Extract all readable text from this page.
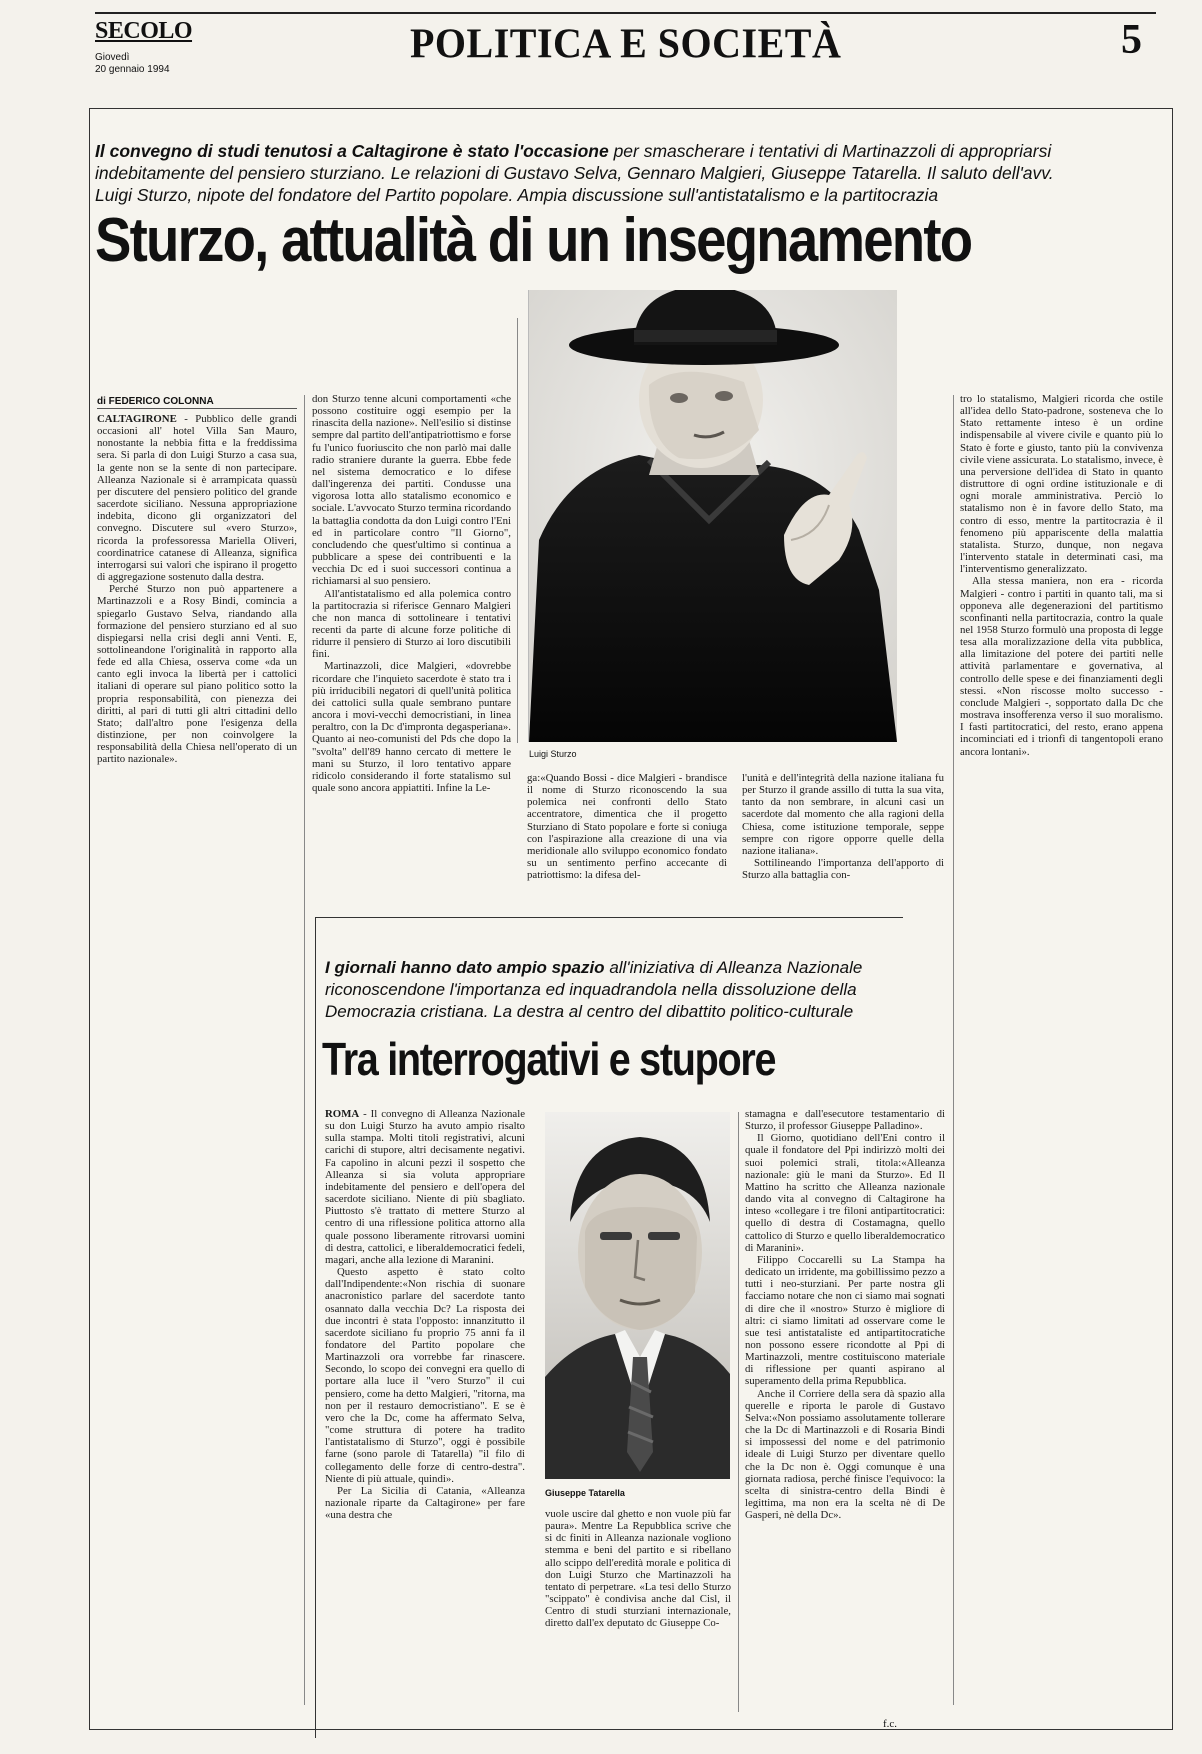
SECOLO
Giovedì
20 gennaio 1994
POLITICA E SOCIETÀ	5
Il convegno di studi tenutosi a Caltagirone è stato l'occasione per smascherare i tentativi di Martinazzoli di appropriarsi indebitamente del pensiero sturziano. Le relazioni di Gustavo Selva, Gennaro Malgieri, Giuseppe Tatarella. Il saluto dell'avv. Luigi Sturzo, nipote del fondatore del Partito popolare. Ampia discussione sull'antistatalismo e la partitocrazia
Sturzo, attualità di un insegnamento
di FEDERICO COLONNA
CALTAGIRONE - Pubblico delle grandi occasioni all' hotel Villa San Mauro, nonostante la nebbia fitta e la freddissima sera. Si parla di don Luigi Sturzo a casa sua, la gente non se la sente di non partecipare. Alleanza Nazionale si è arrampicata quassù per discutere del pensiero politico del grande sacerdote siciliano. Nessuna appropriazione indebita, dicono gli organizzatori del convegno. Discutere sul «vero Sturzo», ricorda la professoressa Mariella Oliveri, coordinatrice catanese di Alleanza, significa interrogarsi sui valori che ispirano il progetto di aggregazione sostenuto dalla destra.
Perché Sturzo non può appartenere a Martinazzoli e a Rosy Bindi, comincia a spiegarlo Gustavo Selva, riandando alla formazione del pensiero sturziano ed al suo dispiegarsi nella crisi degli anni Venti. E, sottolineandone l'originalità in rapporto alla fede ed alla Chiesa, osserva come «da un canto egli invoca la libertà per i cattolici italiani di operare sul piano politico sotto la propria responsabilità, con pienezza dei diritti, al pari di tutti gli altri cittadini dello Stato; dall'altro pone l'esigenza della distinzione, per non coinvolgere la responsabilità della Chiesa nell'operato di un partito nazionale».
don Sturzo tenne alcuni comportamenti «che possono costituire oggi esempio per la rinascita della nazione». Nell'esilio si distinse sempre dal partito dell'antipatriottismo e forse fu l'unico fuoriuscito che non parlò mai dalle radio straniere durante la guerra. Ebbe fede nel sistema democratico e lo difese dall'ingerenza dei partiti. Condusse una vigorosa lotta allo statalismo economico e sociale. L'avvocato Sturzo termina ricordando la battaglia condotta da don Luigi contro l'Eni ed in particolare contro "Il Giorno", concludendo che quest'ultimo si continua a pubblicare a spese dei contribuenti e la vecchia Dc ed i suoi successori continua a richiamarsi al suo pensiero.
All'antistatalismo ed alla polemica contro la partitocrazia si riferisce Gennaro Malgieri che non manca di sottolineare i tentativi recenti da parte di alcune forze politiche di ridurre il pensiero di Sturzo ai loro discutibili fini.
Martinazzoli, dice Malgieri, «dovrebbe ricordare che l'inquieto sacerdote è stato tra i più irriducibili negatori di quell'unità politica dei cattolici sulla quale sembrano puntare ancora i movi-vecchi democristiani, in linea peraltro, con la Dc d'impronta degasperiana». Quanto ai neo-comunisti del Pds che dopo la "svolta" dell'89 hanno cercato di mettere le mani su Sturzo, il loro tentativo appare ridicolo considerando il forte statalismo sul quale sono ancora appiattiti. Infine la Le-
Luigi Sturzo
ga:«Quando Bossi - dice Malgieri - brandisce il nome di Sturzo riconoscendo la sua polemica nei confronti dello Stato accentratore, dimentica che il progetto Sturziano di Stato popolare e forte si coniuga con l'aspirazione alla creazione di una via meridionale allo sviluppo economico fondato su un sentimento perfino accecante di patriottismo: la difesa del-
l'unità e dell'integrità della nazione italiana fu per Sturzo il grande assillo di tutta la sua vita, tanto da non sembrare, in alcuni casi un sacerdote dal momento che alla ragioni della Chiesa, come istituzione temporale, seppe sempre con rigore opporre quelle della nazione italiana».
Sottilineando l'importanza dell'apporto di Sturzo alla battaglia con-
tro lo statalismo, Malgieri ricorda che ostile all'idea dello Stato-padrone, sosteneva che lo Stato rettamente inteso è un ordine indispensabile al vivere civile e quanto più lo Stato è forte e giusto, tanto più la convivenza civile viene assicurata. Lo statalismo, invece, è una perversione dell'idea di Stato in quanto distruttore di ogni ordine istituzionale e di ogni morale amministrativa. Perciò lo statalismo non è in favore dello Stato, ma contro di esso, mentre la partitocrazia è il fenomeno più appariscente della malattia statalista. Sturzo, dunque, non negava l'intervento statale in determinati casi, ma l'interventismo generalizzato.
Alla stessa maniera, non era - ricorda Malgieri - contro i partiti in quanto tali, ma si opponeva alle degenerazioni del partitismo sconfinanti nella partitocrazia, contro la quale nel 1958 Sturzo formulò una proposta di legge tesa alla moralizzazione della vita pubblica, alla limitazione del potere dei partiti nelle attività parlamentare e governativa, al controllo delle spese e dei finanziamenti degli stessi. «Non riscosse molto successo - conclude Malgieri -, sopportato dalla Dc che mostrava insofferenza verso il suo moralismo. I fasti partitocratici, del resto, erano appena incominciati ed i trionfi di tangentopoli erano ancora lontani».
I giornali hanno dato ampio spazio all'iniziativa di Alleanza Nazionale riconoscendone l'importanza ed inquadrandola nella dissoluzione della Democrazia cristiana. La destra al centro del dibattito politico-culturale
Tra interrogativi e stupore
ROMA - Il convegno di Alleanza Nazionale su don Luigi Sturzo ha avuto ampio risalto sulla stampa. Molti titoli registrativi, alcuni carichi di stupore, altri decisamente negativi. Fa capolino in alcuni pezzi il sospetto che Alleanza si sia voluta appropriare indebitamente del pensiero e dell'opera del sacerdote siciliano. Niente di più sbagliato. Piuttosto s'è trattato di mettere Sturzo al centro di una riflessione politica attorno alla quale possono liberamente ritrovarsi uomini di destra, cattolici, e liberaldemocratici fedeli, magari, anche alla lezione di Maranini.
Questo aspetto è stato colto dall'Indipendente:«Non rischia di suonare anacronistico parlare del sacerdote tanto osannato dalla vecchia Dc? La risposta dei due incontri è stata l'opposto: innanzitutto il sacerdote siciliano fu proprio 75 anni fa il fondatore del Partito popolare che Martinazzoli ora vorrebbe far rinascere. Secondo, lo scopo dei convegni era quello di portare alla luce il "vero Sturzo" il cui pensiero, come ha detto Malgieri, "ritorna, ma non per il restauro democristiano". E se è vero che la Dc, come ha affermato Selva, "come struttura di potere ha tradito l'antistatalismo di Sturzo", oggi è possibile farne (sono parole di Tatarella) "il filo di collegamento delle forze di centro-destra". Niente di più attuale, quindi».
Per La Sicilia di Catania, «Alleanza nazionale riparte da Caltagirone» per fare «una destra che
Giuseppe Tatarella
vuole uscire dal ghetto e non vuole più far paura». Mentre La Repubblica scrive che si dc finiti in Alleanza nazionale vogliono stemma e beni del partito e si ribellano allo scippo dell'eredità morale e politica di don Luigi Sturzo che Martinazzoli ha tentato di perpetrare. «La tesi dello Sturzo "scippato" è condivisa anche dal Cisl, il Centro di studi sturziani internazionale, diretto dall'ex deputato dc Giuseppe Co-
stamagna e dall'esecutore testamentario di Sturzo, il professor Giuseppe Palladino».
Il Giorno, quotidiano dell'Eni contro il quale il fondatore del Ppi indirizzò molti dei suoi polemici strali, titola:«Alleanza nazionale: giù le mani da Sturzo». Ed Il Mattino ha scritto che Alleanza nazionale dando vita al convegno di Caltagirone ha inteso «collegare i tre filoni antipartitocratici: quello di destra di Costamagna, quello cattolico di Sturzo e quello liberaldemocratico di Maranini».
Filippo Coccarelli su La Stampa ha dedicato un irridente, ma gobillissimo pezzo a tutti i neo-sturziani. Per parte nostra gli facciamo notare che non ci siamo mai sognati di dire che il «nostro» Sturzo è migliore di altri: ci siamo limitati ad osservare come le sue tesi antistataliste ed antipartitocratiche non possono essere ricondotte al Ppi di Martinazzoli, mentre costituiscono materiale di riflessione per quanti aspirano al superamento della prima Repubblica.
Anche il Corriere della sera dà spazio alla querelle e riporta le parole di Gustavo Selva:«Non possiamo assolutamente tollerare che la Dc di Martinazzoli e di Rosaria Bindi si impossessi del nome e del patrimonio ideale di Luigi Sturzo per diventare quello che la Dc non è. Oggi comunque è una giornata radiosa, perché finisce l'equivoco: la scelta di sinistra-centro della Bindi è legittima, ma non era la scelta nè di De Gasperi, nè della Dc».
f.c.
